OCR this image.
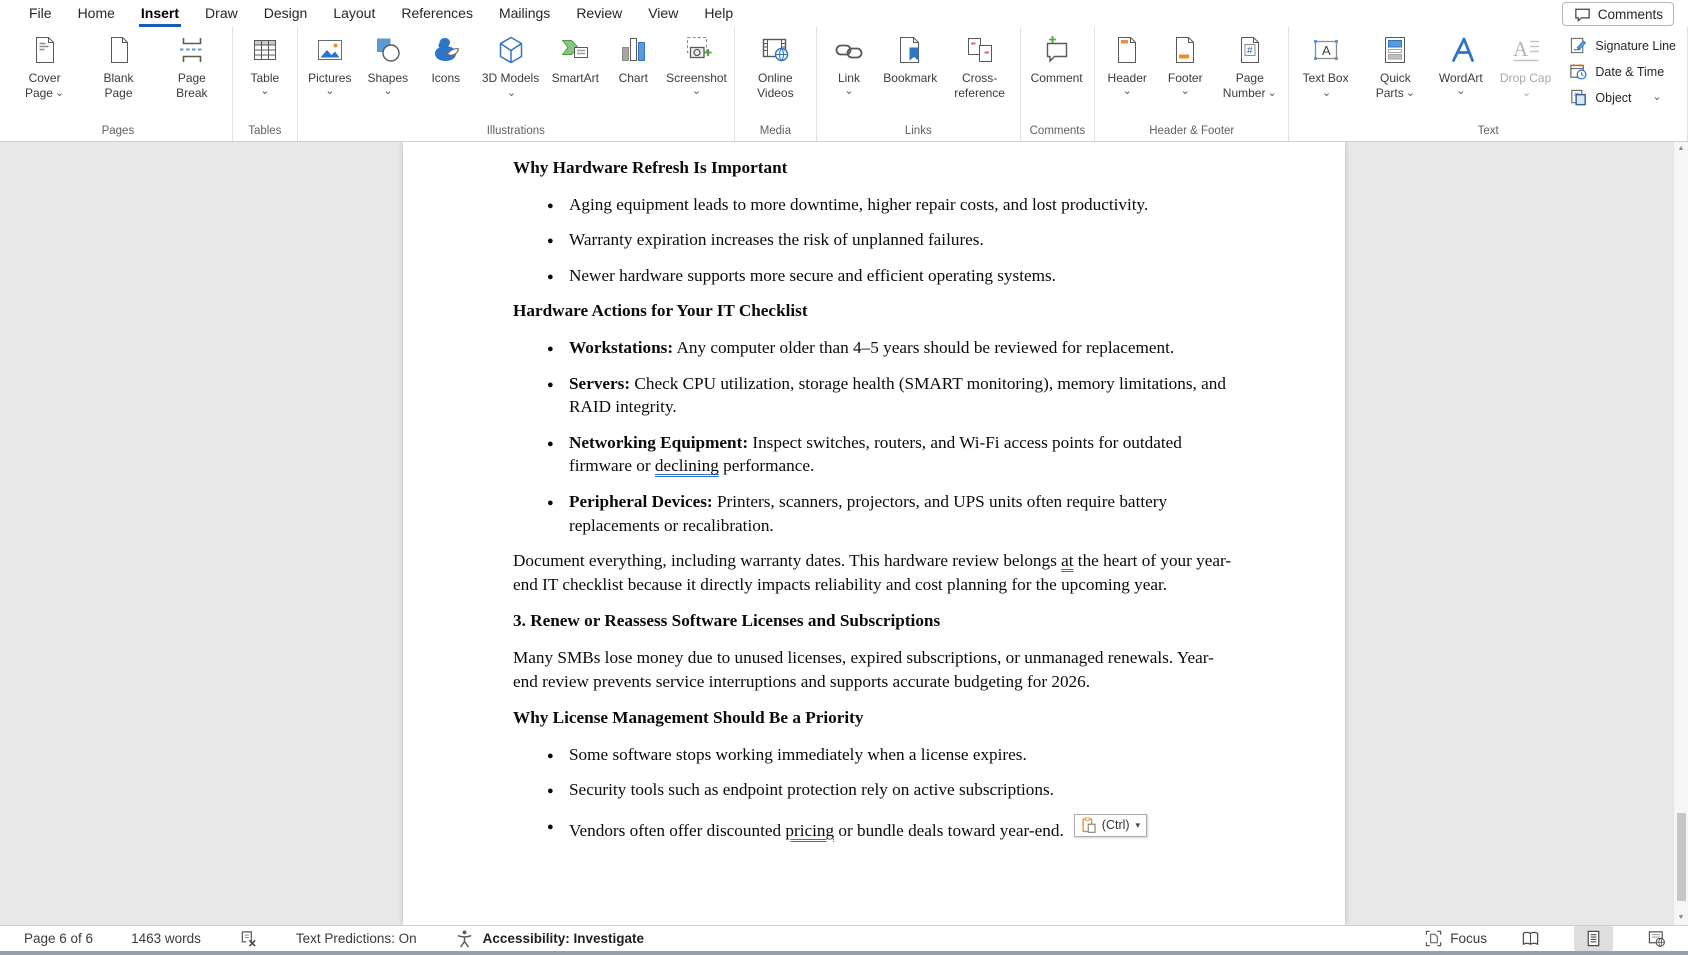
File	Home	Insert	Draw	Design	Layout	References	Mailings	Review	View	Help	Comments
Cover Page ⌄
Blank Page
Page Break
Pages
Table
⌄
Tables
Pictures
⌄
Shapes
⌄
Icons 3D Models⌄
SmartArt Chart Screenshot
⌄
Illustrations
Online Videos
Media
Link
⌄
Bookmark	Cross-reference
Links
Comment
Comments
Header
⌄
Footer
⌄
#
Page Number ⌄
Header & Footer
A
Text Box⌄
Quick Parts ⌄
WordArt
⌄
A
Drop Cap⌄
Signature Line
Date & Time
Object ⌄
Text
Why Hardware Refresh Is Important
● Aging equipment leads to more downtime, higher repair costs, and lost productivity.
● Warranty expiration increases the risk of unplanned failures.
● Newer hardware supports more secure and efficient operating systems.
Hardware Actions for Your IT Checklist
● Workstations: Any computer older than 4–5 years should be reviewed for replacement.
● Servers: Check CPU utilization, storage health (SMART monitoring), memory limitations, and RAID integrity.
● Networking Equipment: Inspect switches, routers, and Wi-Fi access points for outdated firmware or declining performance.
● Peripheral Devices: Printers, scanners, projectors, and UPS units often require battery replacements or recalibration.
Document everything, including warranty dates. This hardware review belongs at the heart of your year-end IT checklist because it directly impacts reliability and cost planning for the upcoming year.
3. Renew or Reassess Software Licenses and Subscriptions
Many SMBs lose money due to unused licenses, expired subscriptions, or unmanaged renewals. Year-end review prevents service interruptions and supports accurate budgeting for 2026.
Why License Management Should Be a Priority
● Some software stops working immediately when a license expires.
● Security tools such as endpoint protection rely on active subscriptions.
● Vendors often offer discounted pricing or bundle deals toward year-end.	(Ctrl) ▾
▲
▼
Page 6 of 6	1463 words	Text Predictions: On	Accessibility: Investigate	Focus
